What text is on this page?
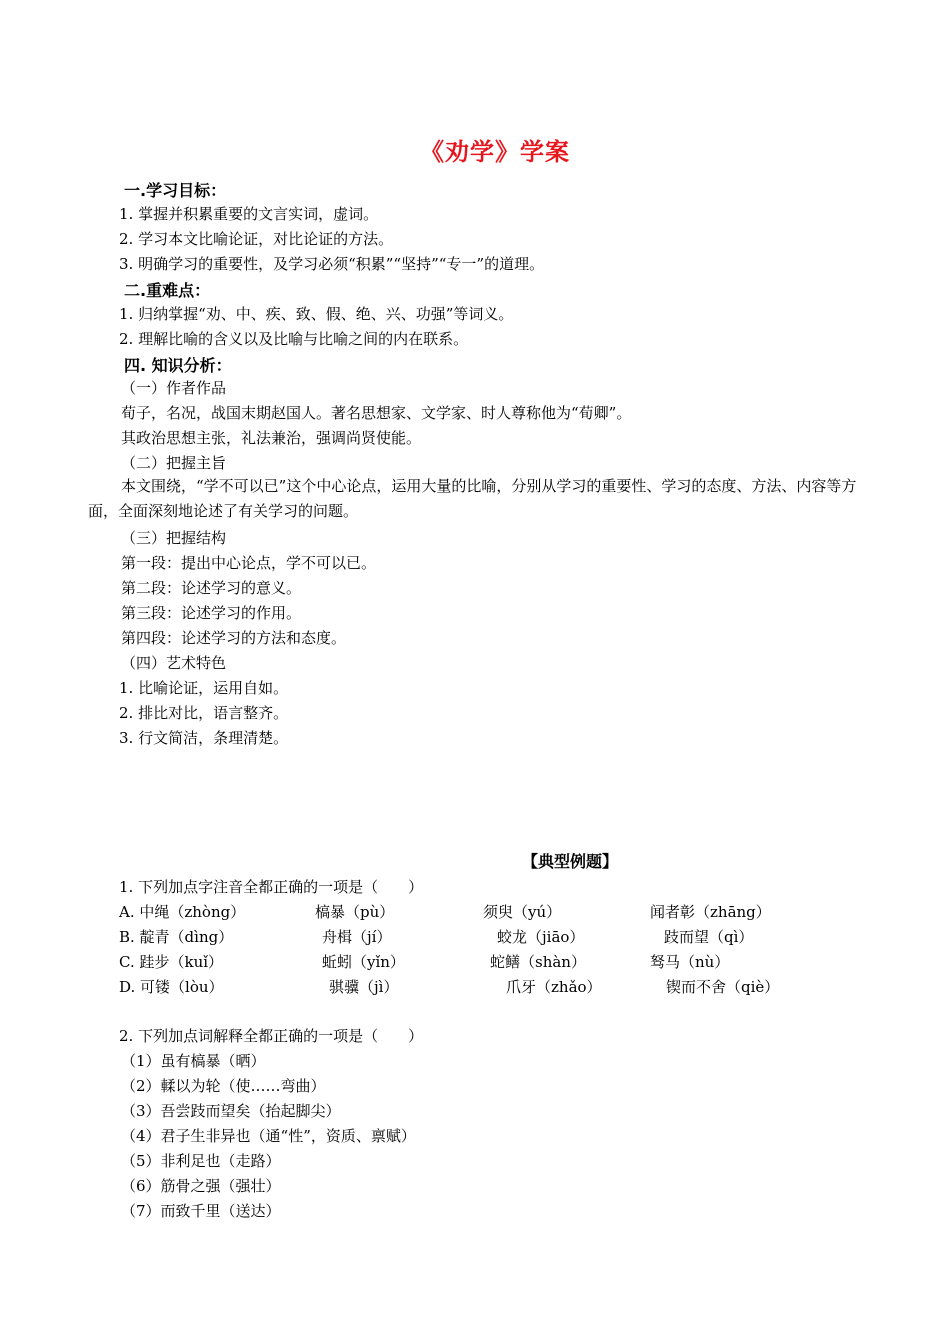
《劝学》学案
一.学习目标：
1. 掌握并积累重要的文言实词，虚词。
2. 学习本文比喻论证，对比论证的方法。
3. 明确学习的重要性，及学习必须“积累”“坚持”“专一”的道理。
二.重难点：
1. 归纳掌握“劝、中、疾、致、假、绝、兴、功强”等词义。
2. 理解比喻的含义以及比喻与比喻之间的内在联系。
四. 知识分析：
（一）作者作品
荀子，名况，战国末期赵国人。著名思想家、文学家、时人尊称他为“荀卿”。
其政治思想主张，礼法兼治，强调尚贤使能。
（二）把握主旨
本文围绕，“学不可以已”这个中心论点，运用大量的比喻，分别从学习的重要性、学习的态度、方法、内容等方面，全面深刻地论述了有关学习的问题。
（三）把握结构
第一段：提出中心论点，学不可以已。
第二段：论述学习的意义。
第三段：论述学习的作用。
第四段：论述学习的方法和态度。
（四）艺术特色
1. 比喻论证，运用自如。
2. 排比对比，语言整齐。
3. 行文简洁，条理清楚。
【典型例题】
1. 下列加点字注音全都正确的一项是（　　）
A. 中绳（zhòng）	槁暴（pù）	须臾（yú）	闻者彰（zhāng）
B. 靛青（dìng）	舟楫（jí）	蛟龙（jiāo）	跂而望（qì）
C. 跬步（kuǐ）	蚯蚓（yǐn）	蛇鳝（shàn）	驽马（nù）
D. 可镂（lòu）	骐骥（jì）	爪牙（zhǎo）	锲而不舍（qiè）
2. 下列加点词解释全都正确的一项是（　　）
（1）虽有槁暴（晒）
（2）輮以为轮（使……弯曲）
（3）吾尝跂而望矣（抬起脚尖）
（4）君子生非异也（通“性”，资质、禀赋）
（5）非利足也（走路）
（6）筋骨之强（强壮）
（7）而致千里（送达）
